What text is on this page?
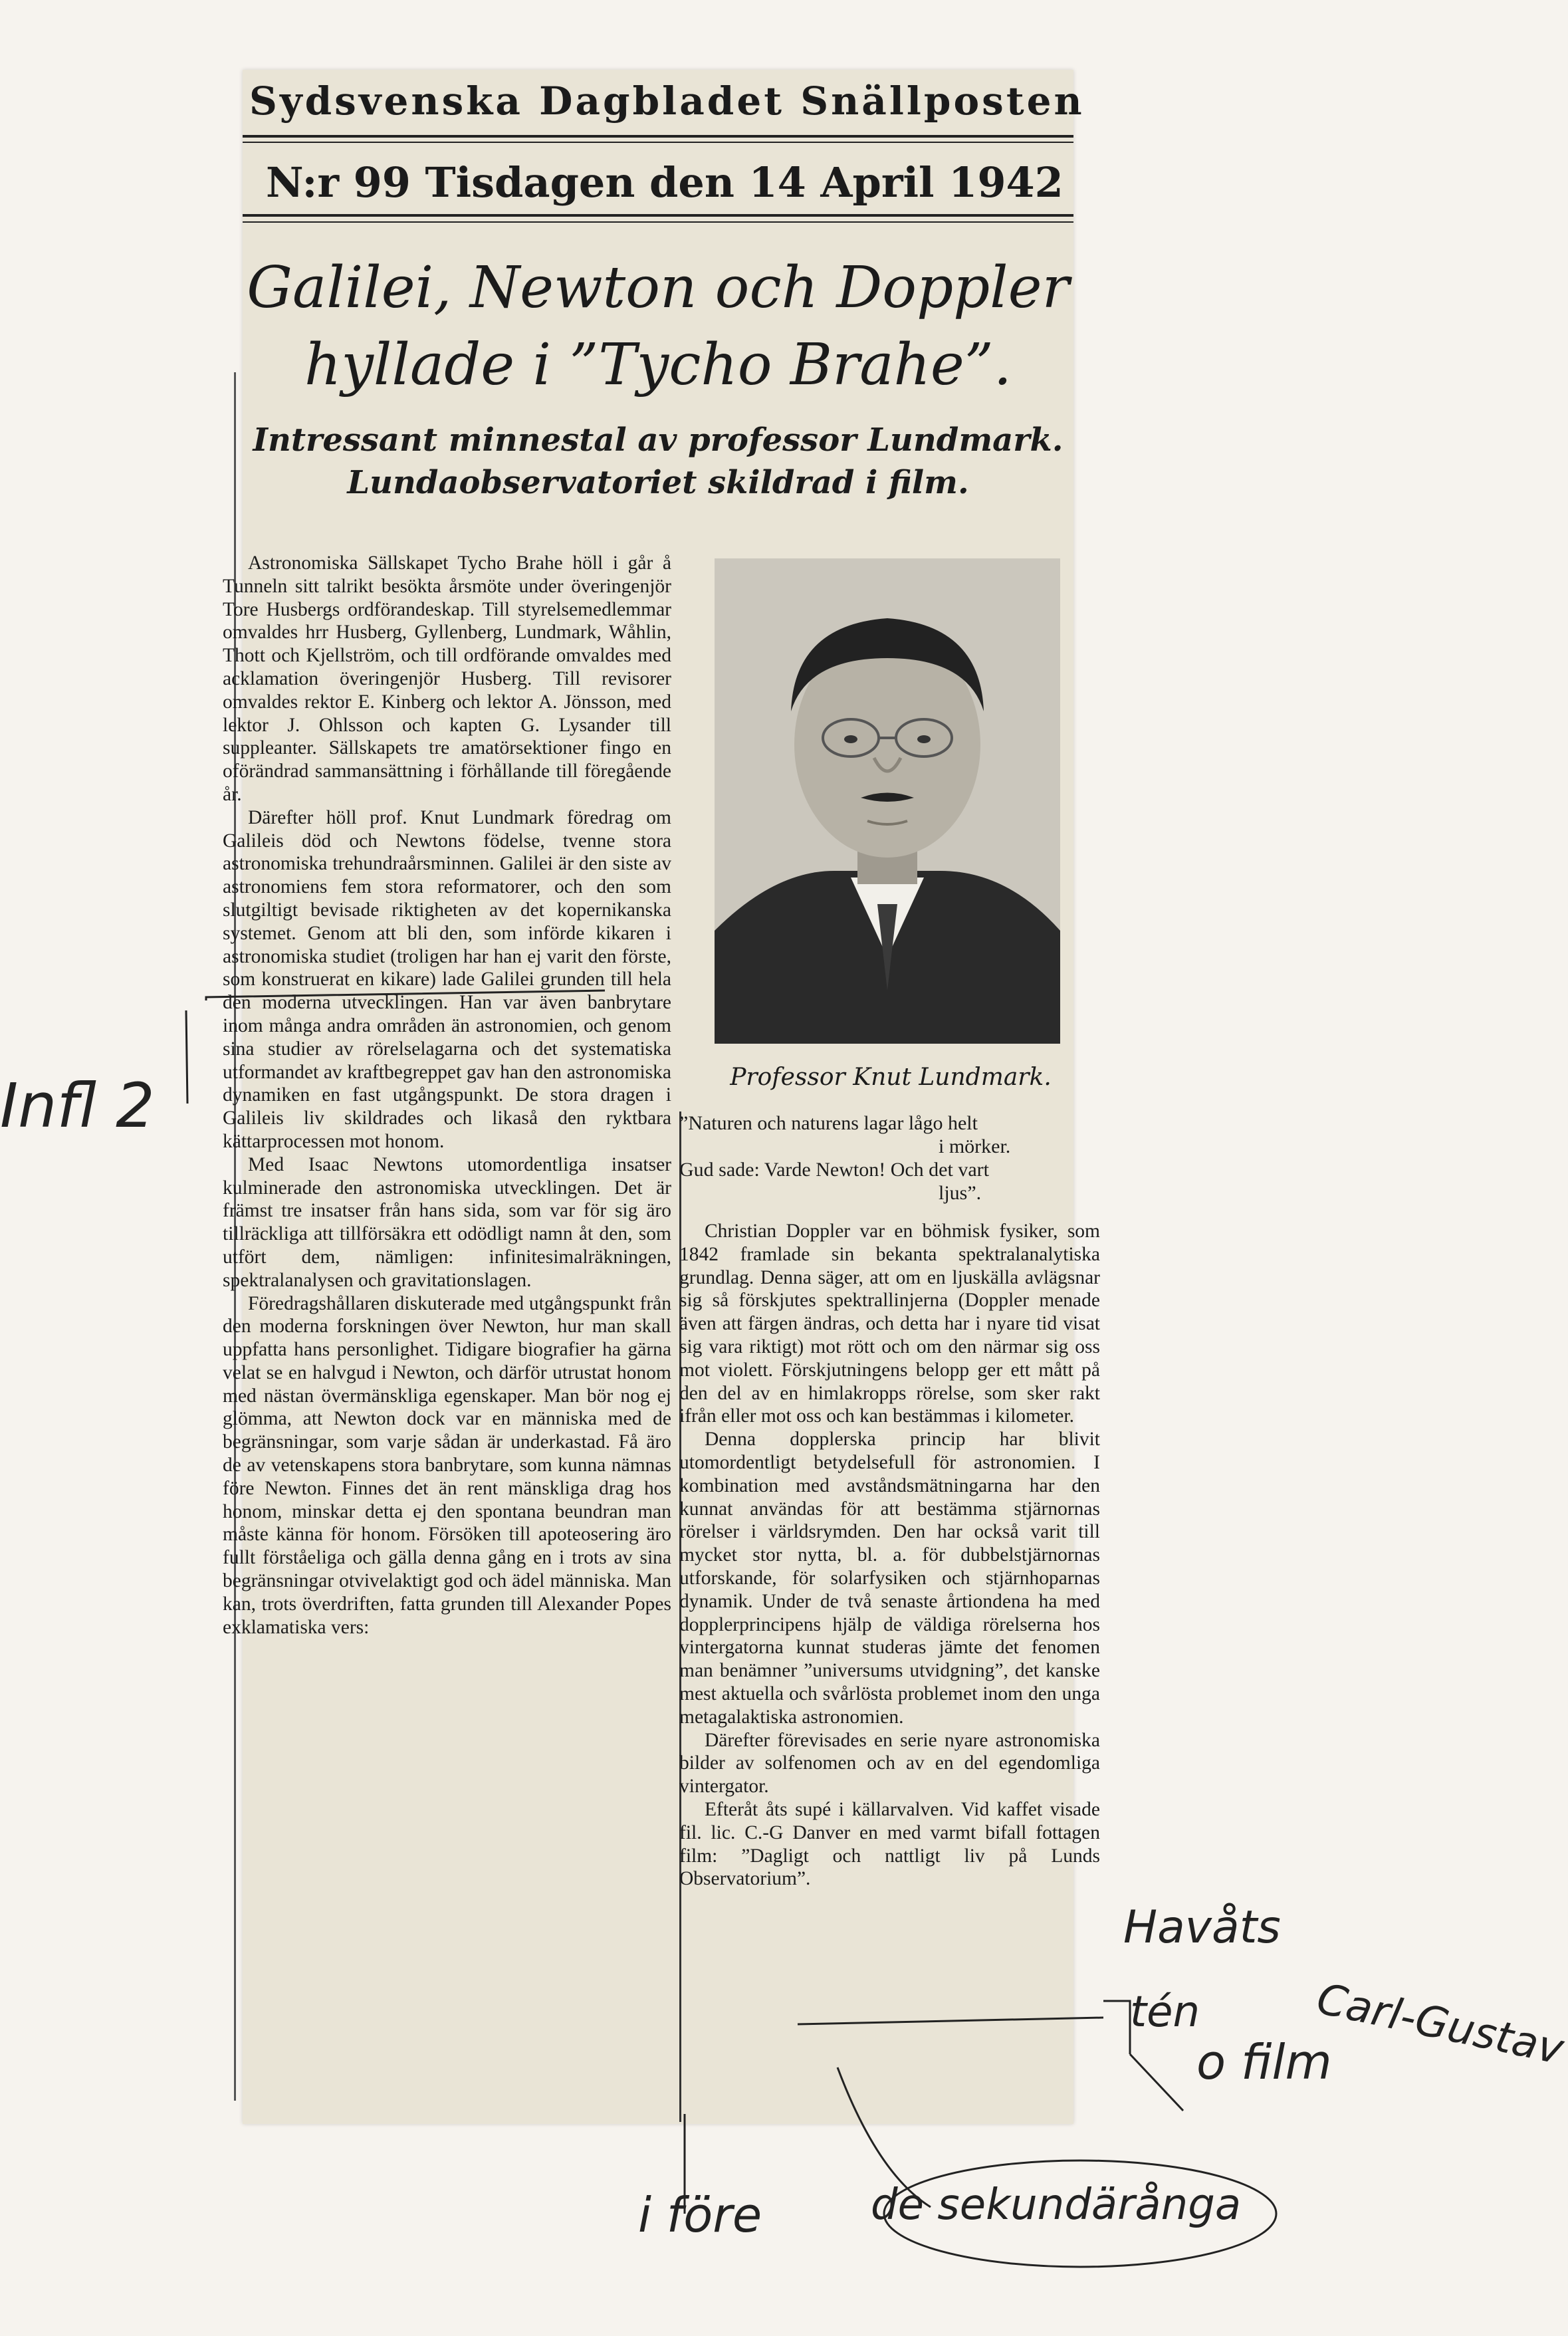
Sydsvenska Dagbladet Snällposten
N:r 99 Tisdagen den 14 April 1942
Galilei, Newton och Doppler
hyllade i ”Tycho Brahe”.
Intressant minnestal av professor Lundmark.
Lundaobservatoriet skildrad i film.

Astronomiska Sällskapet Tycho Brahe höll i går å Tunneln sitt talrikt besökta årsmöte under överingenjör Tore Husbergs ordförandeskap. Till styrelsemedlemmar omvaldes hrr Husberg, Gyllenberg, Lundmark, Wåhlin, Thott och Kjellström, och till ordförande omvaldes med acklamation överingenjör Husberg. Till revisorer omvaldes rektor E. Kinberg och lektor A. Jönsson, med lektor J. Ohlsson och kapten G. Lysander till suppleanter. Sällskapets tre amatörsektioner fingo en oförändrad sammansättning i förhållande till föregående år.

Därefter höll prof. Knut Lundmark föredrag om Galileis död och Newtons födelse, tvenne stora astronomiska trehundraårsminnen. Galilei är den siste av astronomiens fem stora reformatorer, och den som slutgiltigt bevisade riktigheten av det kopernikanska systemet. Genom att bli den, som införde kikaren i astronomiska studiet (troligen har han ej varit den förste, som konstruerat en kikare) lade Galilei grunden till hela den moderna utvecklingen. Han var även banbrytare inom många andra områden än astronomien, och genom sina studier av rörelselagarna och det systematiska utformandet av kraftbegreppet gav han den astronomiska dynamiken en fast utgångspunkt. De stora dragen i Galileis liv skildrades och likaså den ryktbara kättarprocessen mot honom.

Med Isaac Newtons utomordentliga insatser kulminerade den astronomiska utvecklingen. Det är främst tre insatser från hans sida, som var för sig äro tillräckliga att tillförsäkra ett odödligt namn åt den, som utfört dem, nämligen: infinitesimalräkningen, spektralanalysen och gravitationslagen.

Föredragshållaren diskuterade med utgångspunkt från den moderna forskningen över Newton, hur man skall uppfatta hans personlighet. Tidigare biografier ha gärna velat se en halvgud i Newton, och därför utrustat honom med nästan övermänskliga egenskaper. Man bör nog ej glömma, att Newton dock var en människa med de begränsningar, som varje sådan är underkastad. Få äro de av vetenskapens stora banbrytare, som kunna nämnas före Newton. Finnes det än rent mänskliga drag hos honom, minskar detta ej den spontana beundran man måste känna för honom. Försöken till apoteosering äro fullt förståeliga och gälla denna gång en i trots av sina begränsningar otvivelaktigt god och ädel människa. Man kan, trots överdriften, fatta grunden till Alexander Popes exklamatiska vers:

Professor Knut Lundmark.
”Naturen och naturens lagar lågo helt
i mörker.
Gud sade: Varde Newton! Och det vart
ljus”.

Christian Doppler var en böhmisk fysiker, som 1842 framlade sin bekanta spektralanalytiska grundlag. Denna säger, att om en ljuskälla avlägsnar sig så förskjutes spektrallinjerna (Doppler menade även att färgen ändras, och detta har i nyare tid visat sig vara riktigt) mot rött och om den närmar sig oss mot violett. Förskjutningens belopp ger ett mått på den del av en himlakropps rörelse, som sker rakt ifrån eller mot oss och kan bestämmas i kilometer.

Denna dopplerska princip har blivit utomordentligt betydelsefull för astronomien. I kombination med avståndsmätningarna har den kunnat användas för att bestämma stjärnornas rörelser i världsrymden. Den har också varit till mycket stor nytta, bl. a. för dubbelstjärnornas utforskande, för solarfysiken och stjärnhoparnas dynamik. Under de två senaste årtiondena ha med dopplerprincipens hjälp de väldiga rörelserna hos vintergatorna kunnat studeras jämte det fenomen man benämner ”universums utvidgning”, det kanske mest aktuella och svårlösta problemet inom den unga metagalaktiska astronomien.

Därefter förevisades en serie nyare astronomiska bilder av solfenomen och av en del egendomliga vintergator.

Efteråt åts supé i källarvalven. Vid kaffet visade fil. lic. C.-G Danver en med varmt bifall fottagen film: ”Dagligt och nattligt liv på Lunds Observatorium”.

Infl 2
Havåts
tén
o film
Carl-Gustav
i före	de sekundärånga
